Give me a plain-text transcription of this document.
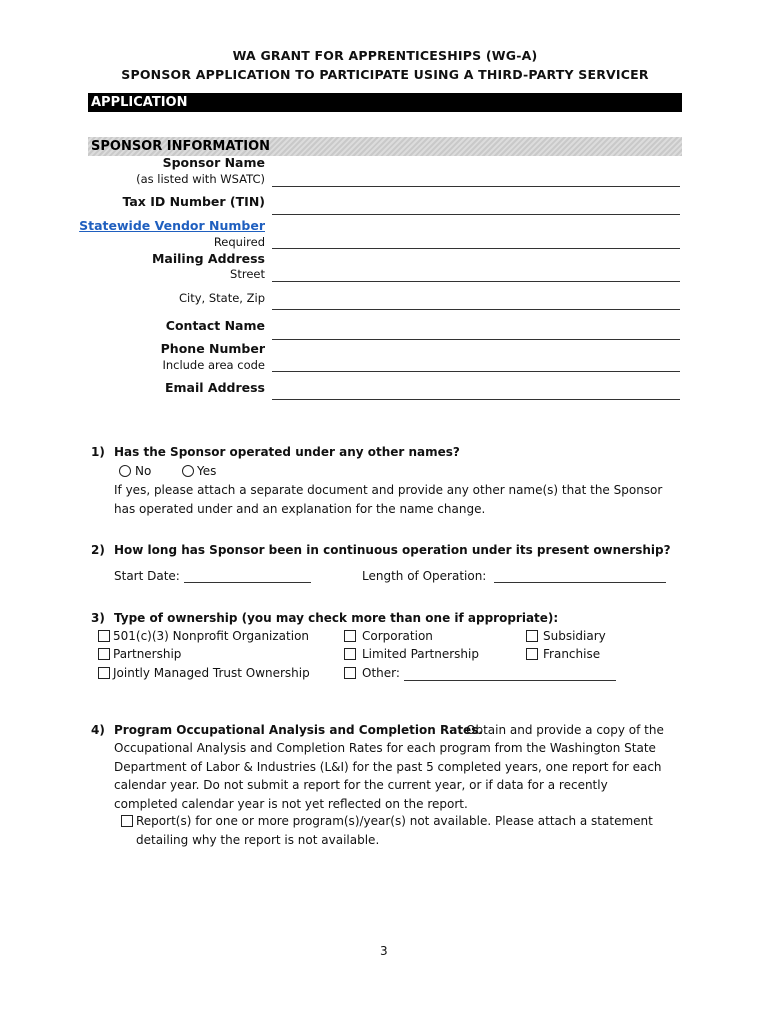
WA GRANT FOR APPRENTICESHIPS (WG-A)
SPONSOR APPLICATION TO PARTICIPATE USING A THIRD-PARTY SERVICER
APPLICATION
SPONSOR INFORMATION
Sponsor Name
(as listed with WSATC)
Tax ID Number (TIN)
Statewide Vendor Number
Required
Mailing Address
Street
City, State, Zip
Contact Name
Phone Number
Include area code
Email Address
1) Has the Sponsor operated under any other names?
No	Yes
If yes, please attach a separate document and provide any other name(s) that the Sponsor
has operated under and an explanation for the name change.
2) How long has Sponsor been in continuous operation under its present ownership?
Start Date:	Length of Operation:
3) Type of ownership (you may check more than one if appropriate):
501(c)(3) Nonprofit Organization	Corporation	Subsidiary
Partnership	Limited Partnership	Franchise
Jointly Managed Trust Ownership	Other:
4) Program Occupational Analysis and Completion Rates.
Obtain and provide a copy of the
Occupational Analysis and Completion Rates for each program from the Washington State
Department of Labor & Industries (L&I) for the past 5 completed years, one report for each
calendar year. Do not submit a report for the current year, or if data for a recently
completed calendar year is not yet reflected on the report.
Report(s) for one or more program(s)/year(s) not available. Please attach a statement
detailing why the report is not available.
3
